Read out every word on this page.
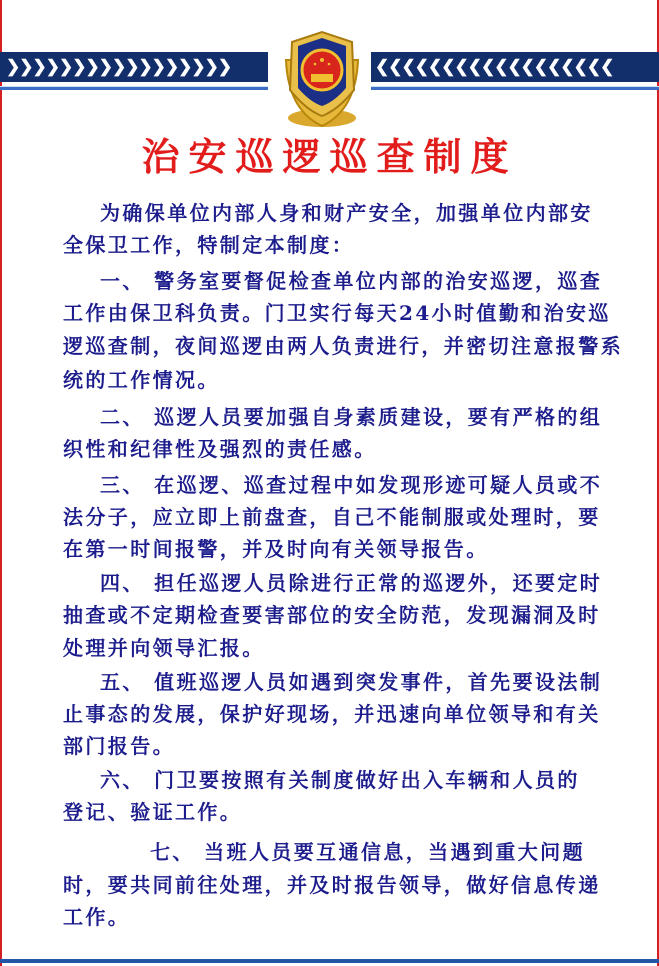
❯❯❯❯❯❯❯❯❯❯❯❯❯❯❯❯❯	❮❮❮❮❮❮❮❮❮❮❮❮❮❮❮❮❮❮
治安巡逻巡查制度
为确保单位内部人身和财产安全，加强单位内部安
全保卫工作，特制定本制度：
一、 警务室要督促检查单位内部的治安巡逻，巡查
工作由保卫科负责。门卫实行每天24小时值勤和治安巡
逻巡查制，夜间巡逻由两人负责进行，并密切注意报警系
统的工作情况。
二、 巡逻人员要加强自身素质建设，要有严格的组
织性和纪律性及强烈的责任感。
三、 在巡逻、巡查过程中如发现形迹可疑人员或不
法分子，应立即上前盘查，自己不能制服或处理时，要
在第一时间报警，并及时向有关领导报告。
四、 担任巡逻人员除进行正常的巡逻外，还要定时
抽查或不定期检查要害部位的安全防范，发现漏洞及时
处理并向领导汇报。
五、 值班巡逻人员如遇到突发事件，首先要设法制
止事态的发展，保护好现场，并迅速向单位领导和有关
部门报告。
六、 门卫要按照有关制度做好出入车辆和人员的
登记、验证工作。
七、 当班人员要互通信息，当遇到重大问题
时，要共同前往处理，并及时报告领导，做好信息传递
工作。
